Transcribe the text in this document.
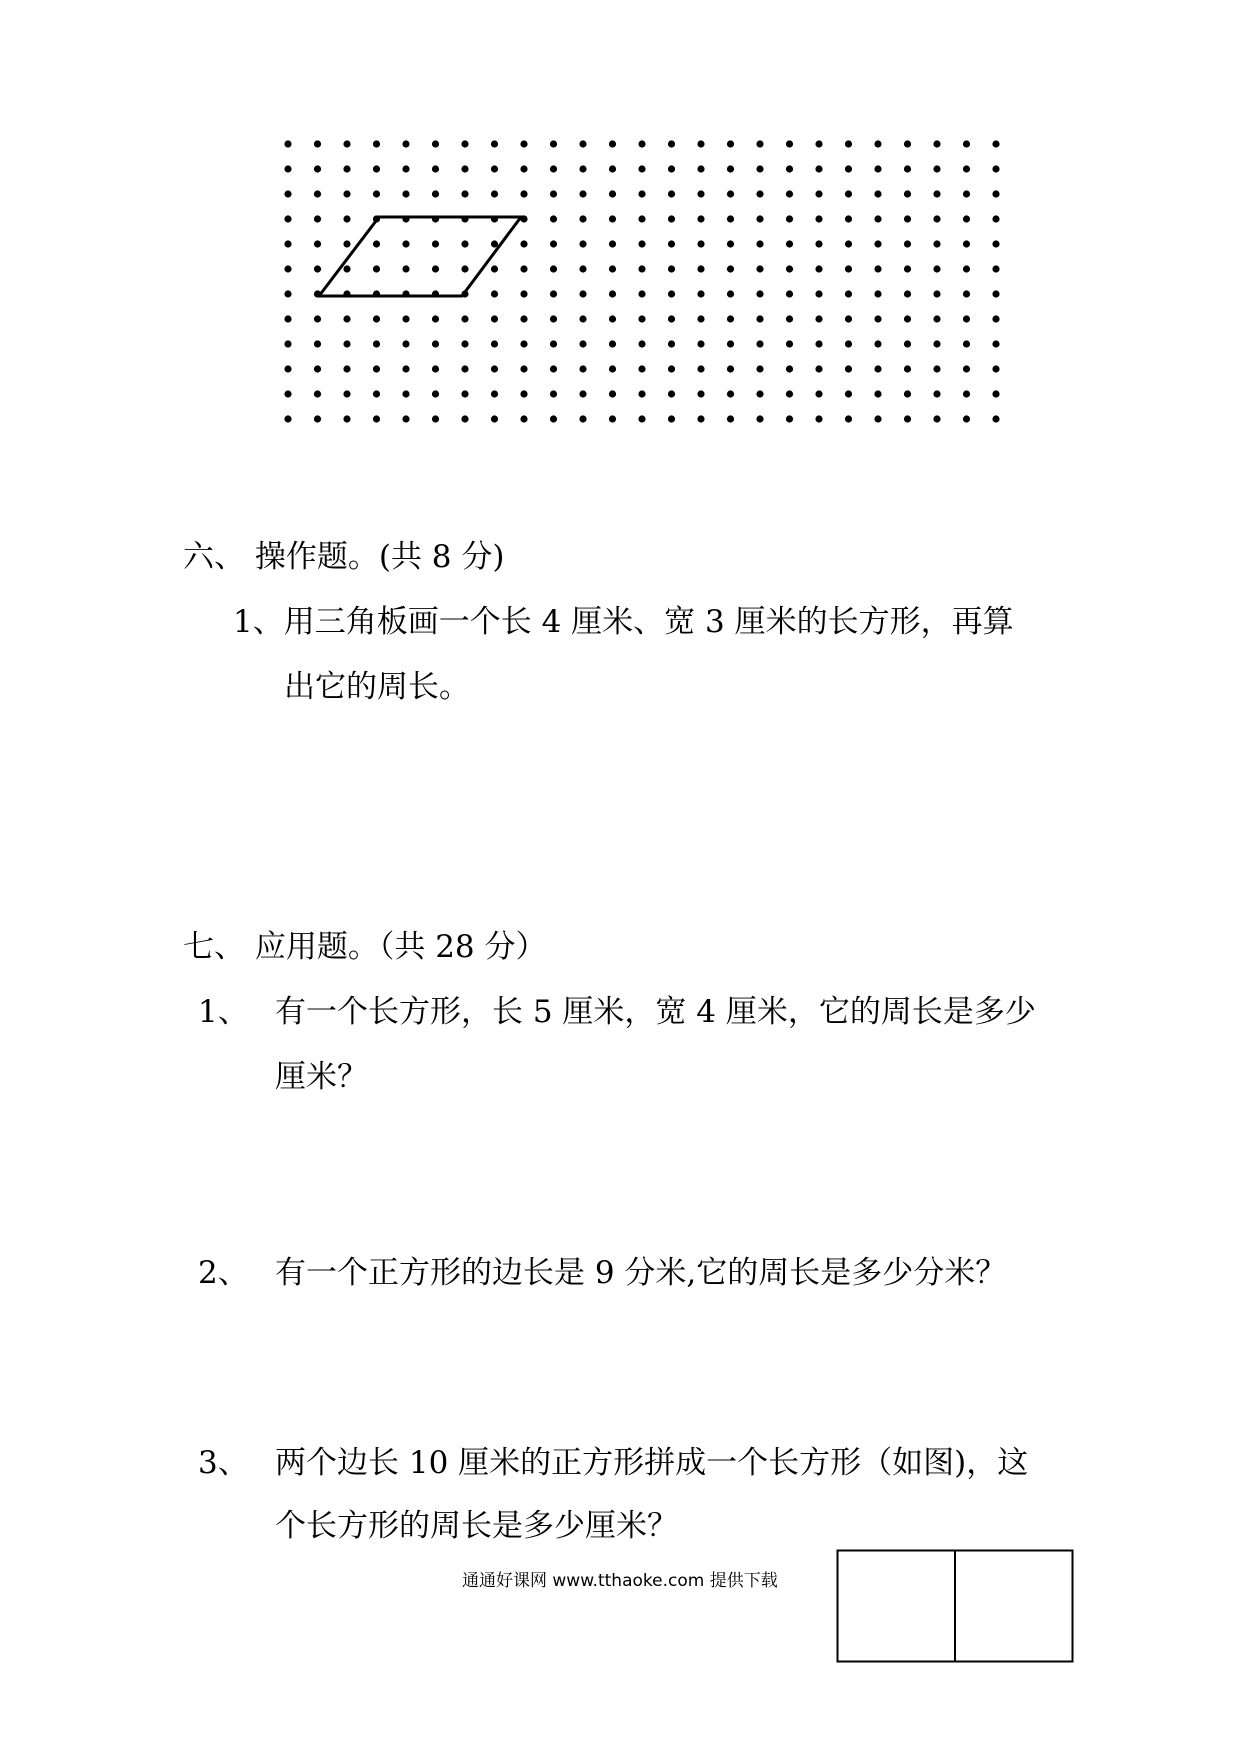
六、 操作题。(共 8 分)
1、用三角板画一个长 4 厘米、宽 3 厘米的长方形，再算
出它的周长。
七、 应用题。（共 28 分）
1、 有一个长方形，长 5 厘米，宽 4 厘米，它的周长是多少
厘米？
2、 有一个正方形的边长是 9 分米,它的周长是多少分米？
3、 两个边长 10 厘米的正方形拼成一个长方形（如图)，这
个长方形的周长是多少厘米？
通通好课网 www.tthaoke.com 提供下载
